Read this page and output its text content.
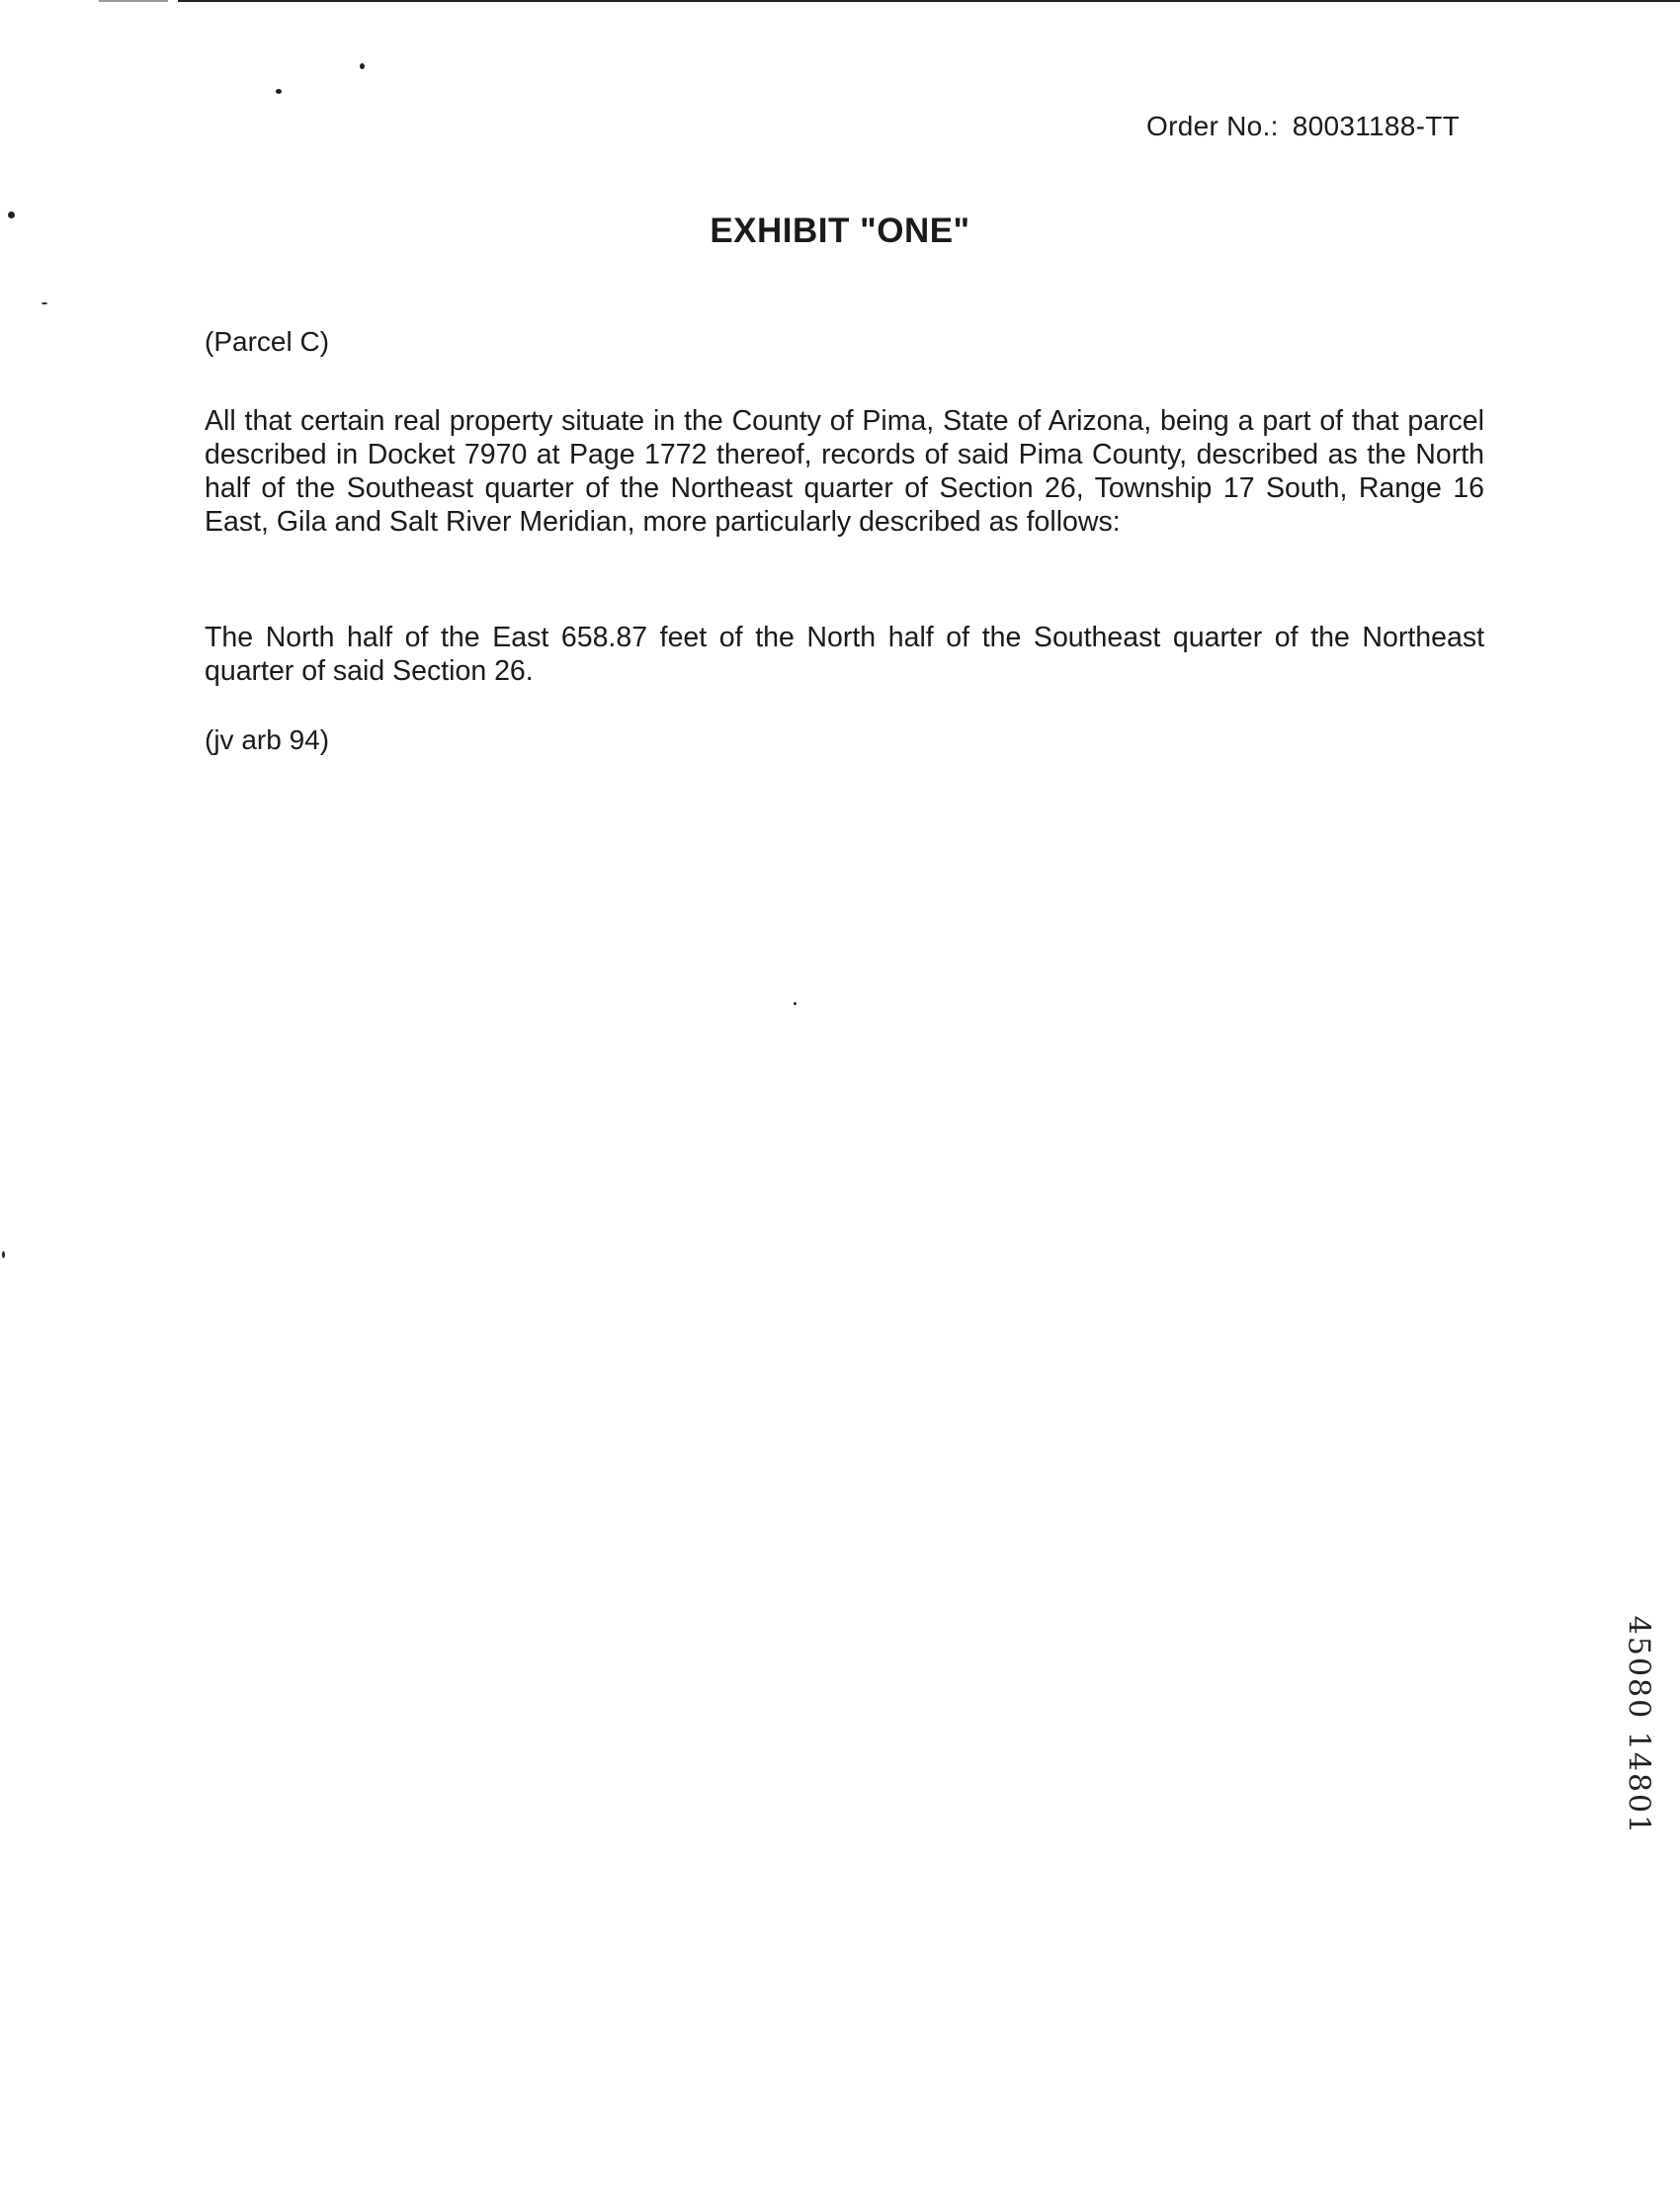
Order No.: 80031188-TT
EXHIBIT "ONE"
(Parcel C)

All that certain real property situate in the County of Pima, State of Arizona, being a part of that parcel described in Docket 7970 at Page 1772 thereof, records of said Pima County, described as the North half of the Southeast quarter of the Northeast quarter of Section 26, Township 17 South, Range 16 East, Gila and Salt River Meridian, more particularly described as follows:

The North half of the East 658.87 feet of the North half of the Southeast quarter of the Northeast quarter of said Section 26.

(jv arb 94)
45080 14801
